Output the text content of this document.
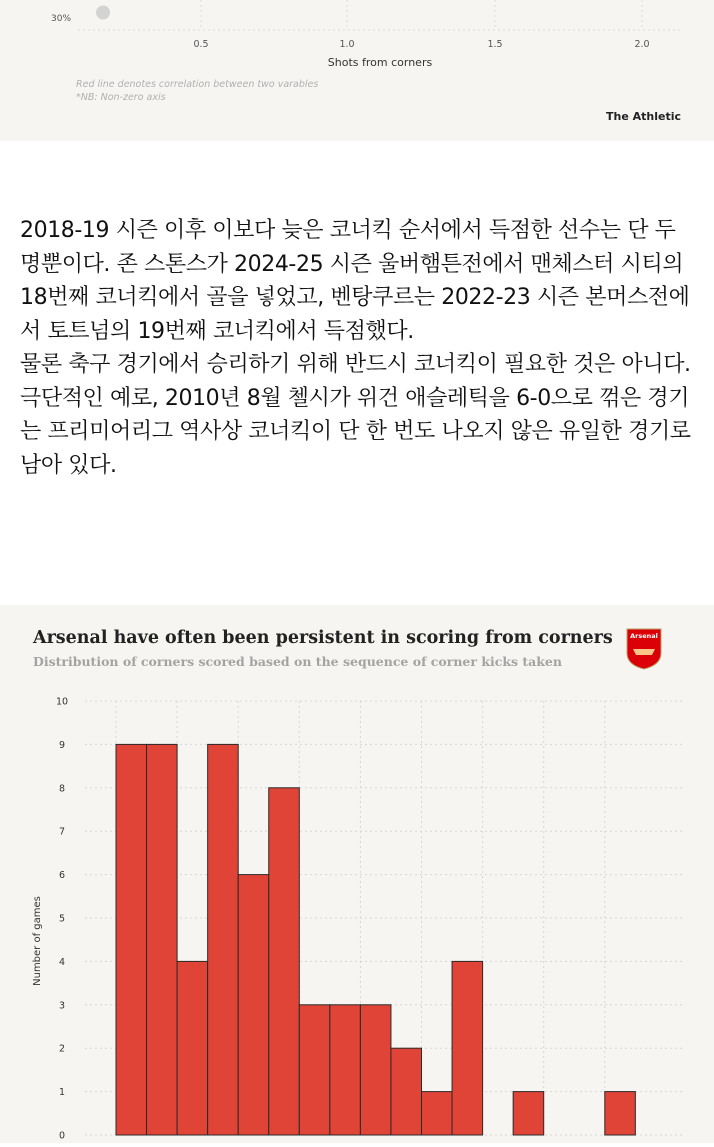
30%
0.5	1.0	1.5	2.0
Shots from corners
Red line denotes correlation between two varables
*NB: Non-zero axis
The Athletic

2018-19 시즌 이후 이보다 늦은 코너킥 순서에서 득점한 선수는 단 두 명뿐이다. 존 스톤스가 2024-25 시즌 울버햄튼전에서 맨체스터 시티의 18번째 코너킥에서 골을 넣었고, 벤탕쿠르는 2022-23 시즌 본머스전에서 토트넘의 19번째 코너킥에서 득점했다.

물론 축구 경기에서 승리하기 위해 반드시 코너킥이 필요한 것은 아니다. 극단적인 예로, 2010년 8월 첼시가 위건 애슬레틱을 6-0으로 꺾은 경기는 프리미어리그 역사상 코너킥이 단 한 번도 나오지 않은 유일한 경기로 남아 있다.

Arsenal have often been persistent in scoring from corners
Distribution of corners scored based on the sequence of corner kicks taken
Arsenal
Number of games
0
1
2
3
4
5
6
7
8
9
10
